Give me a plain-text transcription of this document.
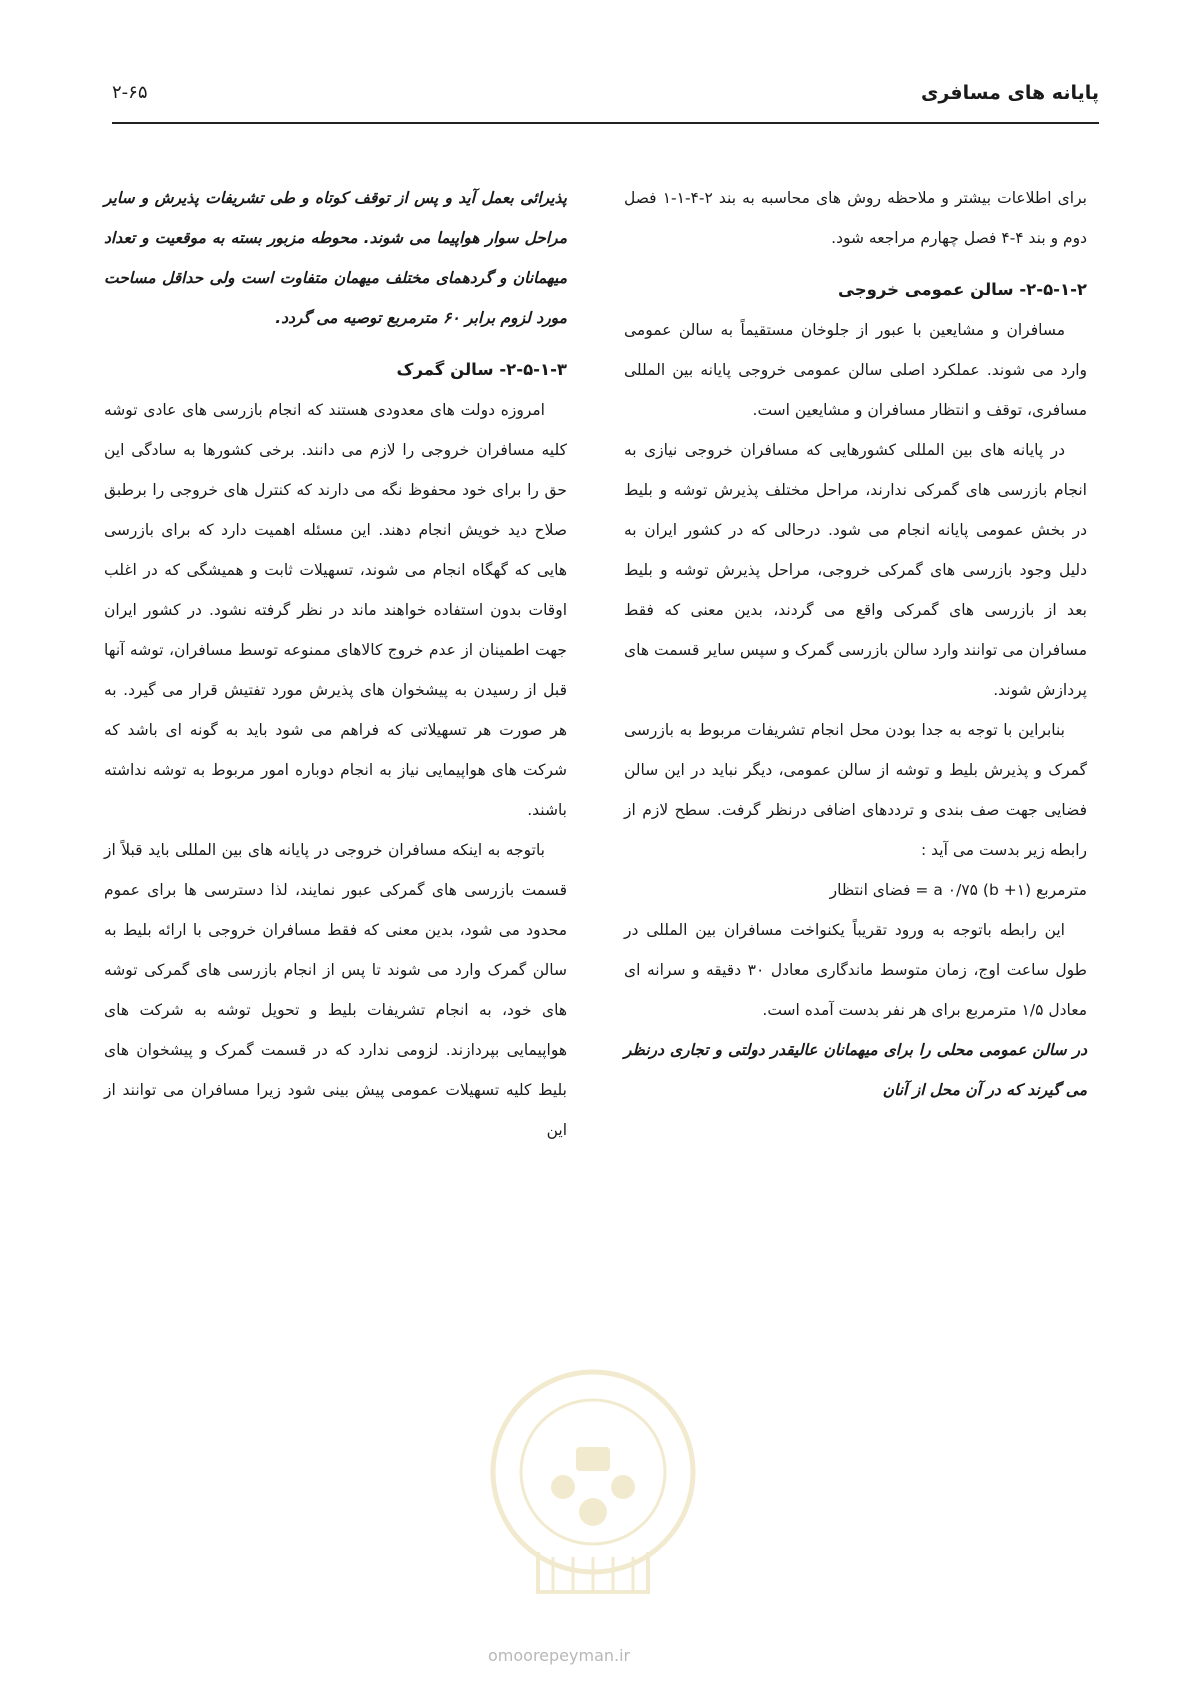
پایانه های مسافری
۲-۶۵

برای اطلاعات بیشتر و ملاحظه روش های محاسبه به بند ۲-۴-۱-۱ فصل دوم و بند ۴-۴ فصل چهارم مراجعه شود.

۲-۵-۱-۲- سالن عمومی خروجی

مسافران و مشایعین با عبور از جلوخان مستقیماً به سالن عمومی وارد می شوند. عملکرد اصلی سالن عمومی خروجی پایانه بین المللی مسافری، توقف و انتظار مسافران و مشایعین است.

در پایانه های بین المللی کشورهایی که مسافران خروجی نیازی به انجام بازرسی های گمرکی ندارند، مراحل مختلف پذیرش توشه و بلیط در بخش عمومی پایانه انجام می شود. درحالی که در کشور ایران به دلیل وجود بازرسی های گمرکی خروجی، مراحل پذیرش توشه و بلیط بعد از بازرسی های گمرکی واقع می گردند، بدین معنی که فقط مسافران می توانند وارد سالن بازرسی گمرک و سپس سایر قسمت های پردازش شوند.

بنابراین با توجه به جدا بودن محل انجام تشریفات مربوط به بازرسی گمرک و پذیرش بلیط و توشه از سالن عمومی، دیگر نباید در این سالن فضایی جهت صف بندی و ترددهای اضافی درنظر گرفت. سطح لازم از رابطه زیر بدست می آید :

مترمربع (b +۱) a ۰/۷۵ = فضای انتظار

این رابطه باتوجه به ورود تقریباً یکنواخت مسافران بین المللی در طول ساعت اوج، زمان متوسط ماندگاری معادل ۳۰ دقیقه و سرانه ای معادل ۱/۵ مترمربع برای هر نفر بدست آمده است.

در سالن عمومی محلی را برای میهمانان عالیقدر دولتی و تجاری درنظر می گیرند که در آن محل از آنان

پذیرائی بعمل آید و پس از توقف کوتاه و طی تشریفات پذیرش و سایر مراحل سوار هواپیما می شوند. محوطه مزبور بسته به موقعیت و تعداد میهمانان و گردهمای مختلف میهمان متفاوت است ولی حداقل مساحت مورد لزوم برابر ۶۰ مترمربع توصیه می گردد.

۲-۵-۱-۳- سالن گمرک

امروزه دولت های معدودی هستند که انجام بازرسی های عادی توشه کلیه مسافران خروجی را لازم می دانند. برخی کشورها به سادگی این حق را برای خود محفوظ نگه می دارند که کنترل های خروجی را برطبق صلاح دید خویش انجام دهند. این مسئله اهمیت دارد که برای بازرسی هایی که گهگاه انجام می شوند، تسهیلات ثابت و همیشگی که در اغلب اوقات بدون استفاده خواهند ماند در نظر گرفته نشود. در کشور ایران جهت اطمینان از عدم خروج کالاهای ممنوعه توسط مسافران، توشه آنها قبل از رسیدن به پیشخوان های پذیرش مورد تفتیش قرار می گیرد. به هر صورت هر تسهیلاتی که فراهم می شود باید به گونه ای باشد که شرکت های هواپیمایی نیاز به انجام دوباره امور مربوط به توشه نداشته باشند.

باتوجه به اینکه مسافران خروجی در پایانه های بین المللی باید قبلاً از قسمت بازرسی های گمرکی عبور نمایند، لذا دسترسی ها برای عموم محدود می شود، بدین معنی که فقط مسافران خروجی با ارائه بلیط به سالن گمرک وارد می شوند تا پس از انجام بازرسی های گمرکی توشه های خود، به انجام تشریفات بلیط و تحویل توشه به شرکت های هواپیمایی بپردازند. لزومی ندارد که در قسمت گمرک و پیشخوان های بلیط کلیه تسهیلات عمومی پیش بینی شود زیرا مسافران می توانند از این

omoorepeyman.ir
